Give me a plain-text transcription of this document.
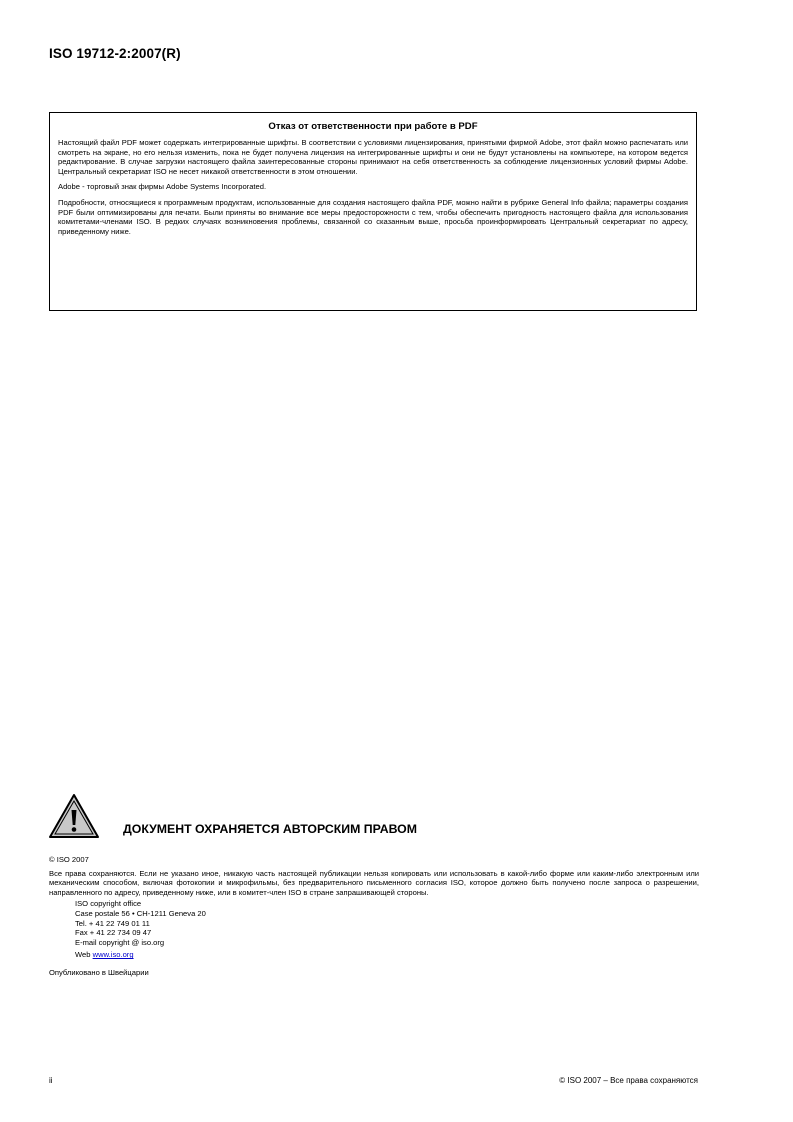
ISO 19712-2:2007(R)
Отказ от ответственности при работе в PDF

Настоящий файл PDF может содержать интегрированные шрифты. В соответствии с условиями лицензирования, принятыми фирмой Adobe, этот файл можно распечатать или смотреть на экране, но его нельзя изменить, пока не будет получена лицензия на интегрированные шрифты и они не будут установлены на компьютере, на котором ведется редактирование. В случае загрузки настоящего файла заинтересованные стороны принимают на себя ответственность за соблюдение лицензионных условий фирмы Adobe. Центральный секретариат ISO не несет никакой ответственности в этом отношении.

Adobe - торговый знак фирмы Adobe Systems Incorporated.

Подробности, относящиеся к программным продуктам, использованные для создания настоящего файла PDF, можно найти в рубрике General Info файла; параметры создания PDF были оптимизированы для печати. Были приняты во внимание все меры предосторожности с тем, чтобы обеспечить пригодность настоящего файла для использования комитетами-членами ISO. В редких случаях возникновения проблемы, связанной со сказанным выше, просьба проинформировать Центральный секретариат по адресу, приведенному ниже.

ДОКУМЕНТ ОХРАНЯЕТСЯ АВТОРСКИМ ПРАВОМ
© ISO 2007
Все права сохраняются. Если не указано иное, никакую часть настоящей публикации нельзя копировать или использовать в какой-либо форме или каким-либо электронным или механическим способом, включая фотокопии и микрофильмы, без предварительного письменного согласия ISO, которое должно быть получено после запроса о разрешении, направленного по адресу, приведенному ниже, или в комитет-член ISO в стране запрашивающей стороны.
ISO copyright office
Case postale 56 • CH-1211 Geneva 20
Tel. + 41 22 749 01 11
Fax + 41 22 734 09 47
E-mail copyright @ iso.org
Web www.iso.org
Опубликовано в Швейцарии
ii	© ISO 2007 – Все права сохраняются
